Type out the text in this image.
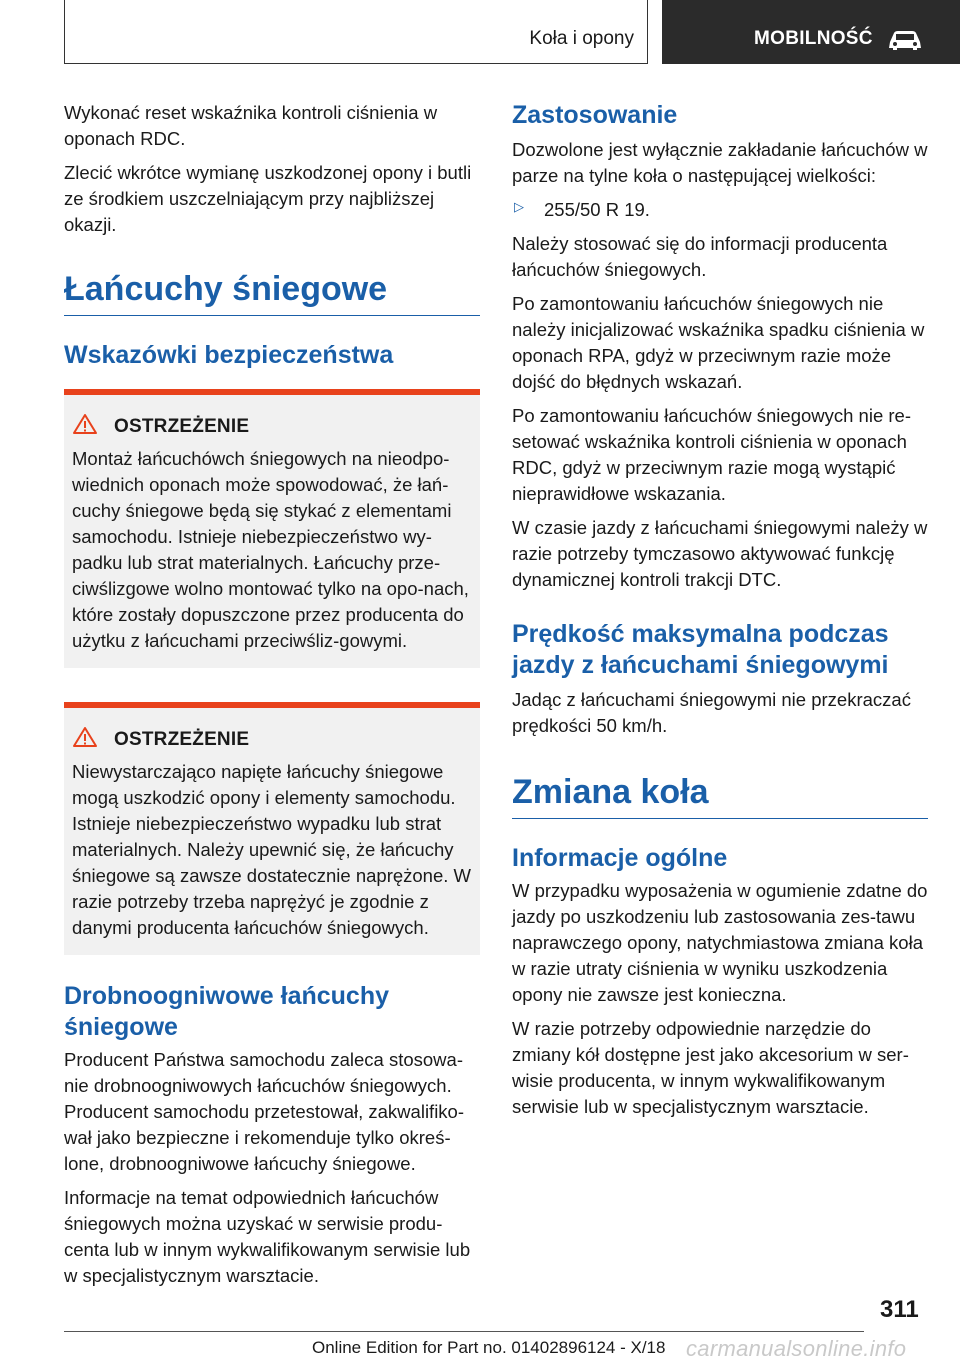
Koła i opony	MOBILNOŚĆ

Wykonać reset wskaźnika kontroli ciśnienia w oponach RDC.

Zlecić wkrótce wymianę uszkodzonej opony i butli ze środkiem uszczelniającym przy najbliższej okazji.

Łańcuchy śniegowe
Wskazówki bezpieczeństwa
OSTRZEŻENIE

Montaż łańcuchówch śniegowych na nieodpo-wiednich oponach może spowodować, że łań-cuchy śniegowe będą się stykać z elementami samochodu. Istnieje niebezpieczeństwo wy-padku lub strat materialnych. Łańcuchy prze-ciwślizgowe wolno montować tylko na opo-nach, które zostały dopuszczone przez producenta do użytku z łańcuchami przeciwśliz-gowymi.

OSTRZEŻENIE

Niewystarczająco napięte łańcuchy śniegowe mogą uszkodzić opony i elementy samochodu. Istnieje niebezpieczeństwo wypadku lub strat materialnych. Należy upewnić się, że łańcuchy śniegowe są zawsze dostatecznie naprężone. W razie potrzeby trzeba naprężyć je zgodnie z danymi producenta łańcuchów śniegowych.

Drobnoogniwowe łańcuchy śniegowe

Producent Państwa samochodu zaleca stosowa-nie drobnoogniwowych łańcuchów śniegowych. Producent samochodu przetestował, zakwalifiko-wał jako bezpieczne i rekomenduje tylko okreś-lone, drobnoogniwowe łańcuchy śniegowe.

Informacje na temat odpowiednich łańcuchów śniegowych można uzyskać w serwisie produ-centa lub w innym wykwalifikowanym serwisie lub w specjalistycznym warsztacie.

Zastosowanie

Dozwolone jest wyłącznie zakładanie łańcuchów w parze na tylne koła o następującej wielkości:

▷	255/50 R 19.

Należy stosować się do informacji producenta łańcuchów śniegowych.

Po zamontowaniu łańcuchów śniegowych nie należy inicjalizować wskaźnika spadku ciśnienia w oponach RPA, gdyż w przeciwnym razie może dojść do błędnych wskazań.

Po zamontowaniu łańcuchów śniegowych nie re-setować wskaźnika kontroli ciśnienia w oponach RDC, gdyż w przeciwnym razie mogą wystąpić nieprawidłowe wskazania.

W czasie jazdy z łańcuchami śniegowymi należy w razie potrzeby tymczasowo aktywować funkcję dynamicznej kontroli trakcji DTC.

Prędkość maksymalna podczas jazdy z łańcuchami śniegowymi

Jadąc z łańcuchami śniegowymi nie przekraczać prędkości 50 km/h.

Zmiana koła
Informacje ogólne

W przypadku wyposażenia w ogumienie zdatne do jazdy po uszkodzeniu lub zastosowania zes-tawu naprawczego opony, natychmiastowa zmiana koła w razie utraty ciśnienia w wyniku uszkodzenia opony nie zawsze jest konieczna.

W razie potrzeby odpowiednie narzędzie do zmiany kół dostępne jest jako akcesorium w ser-wisie producenta, w innym wykwalifikowanym serwisie lub w specjalistycznym warsztacie.

311
Online Edition for Part no. 01402896124 - X/18 carmanualsonline.info
